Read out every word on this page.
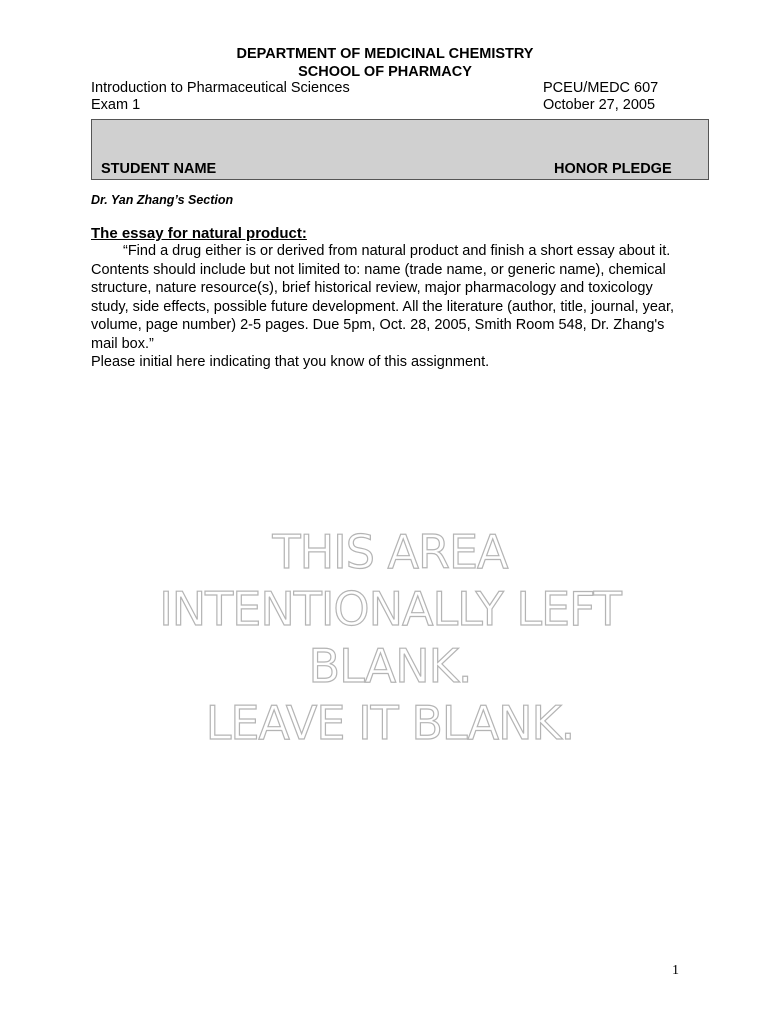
DEPARTMENT OF MEDICINAL CHEMISTRY
SCHOOL OF PHARMACY
Introduction to Pharmaceutical Sciences	PCEU/MEDC 607
Exam 1	October 27, 2005
STUDENT NAME	HONOR PLEDGE
Dr. Yan Zhang’s Section
The essay for natural product:
“Find a drug either is or derived from natural product and finish a short essay about it. Contents should include but not limited to: name (trade name, or generic name), chemical structure, nature resource(s), brief historical review, major pharmacology and toxicology study, side effects, possible future development. All the literature (author, title, journal, year, volume, page number) 2-5 pages. Due 5pm, Oct. 28, 2005, Smith Room 548, Dr. Zhang's mail box.”
Please initial here indicating that you know of this assignment.
THIS AREA
INTENTIONALLY LEFT
BLANK.
LEAVE IT BLANK.
1
